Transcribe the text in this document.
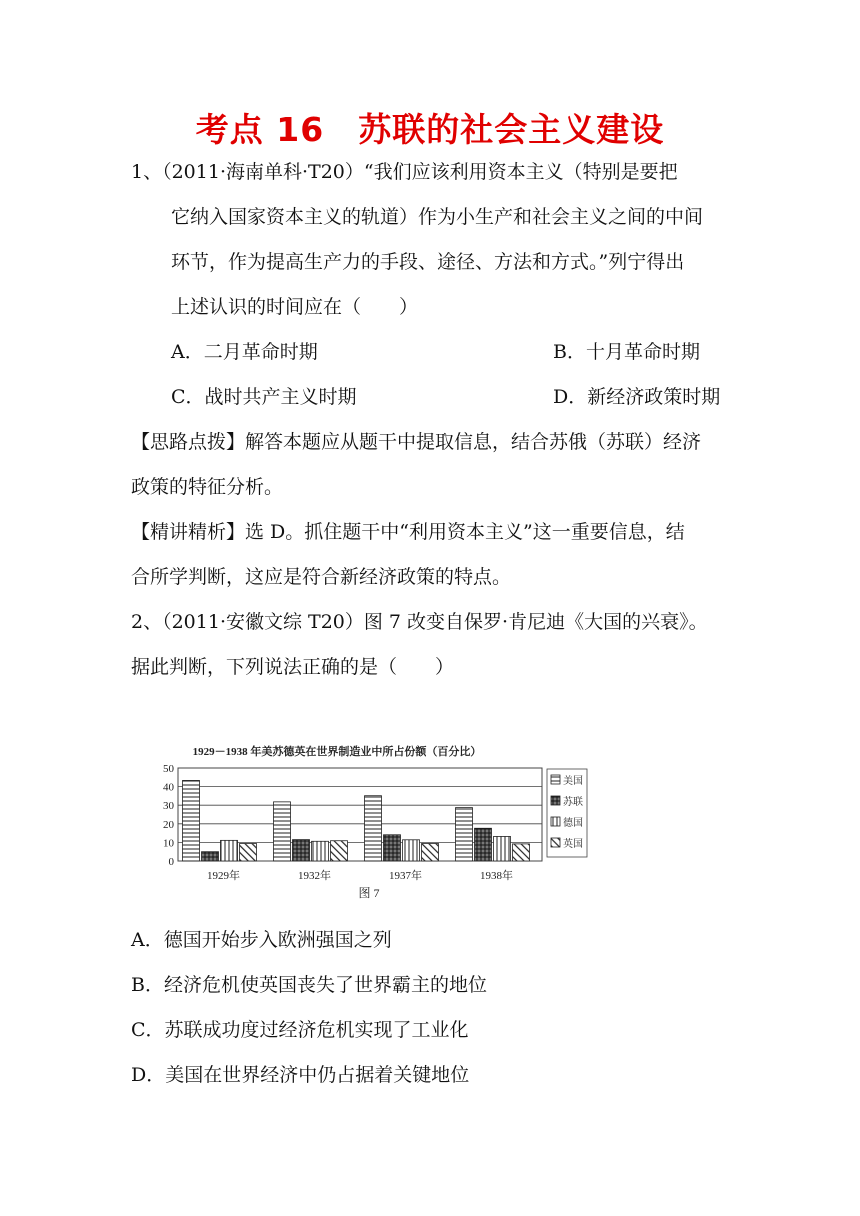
考点 16　苏联的社会主义建设
1、（2011·海南单科·T20）“我们应该利用资本主义（特别是要把
它纳入国家资本主义的轨道）作为小生产和社会主义之间的中间
环节，作为提高生产力的手段、途径、方法和方式。”列宁得出
上述认识的时间应在（　　）
A．二月革命时期	B．十月革命时期
C．战时共产主义时期	D．新经济政策时期
【思路点拨】解答本题应从题干中提取信息，结合苏俄（苏联）经济
政策的特征分析。
【精讲精析】选 D。抓住题干中“利用资本主义”这一重要信息，结
合所学判断，这应是符合新经济政策的特点。
2、（2011·安徽文综 T20）图 7 改变自保罗·肯尼迪《大国的兴衰》。
据此判断，下列说法正确的是（　　）
1929－1938 年美苏德英在世界制造业中所占份额（百分比）
0
10
20
30
40
50
1929年	1932年	1937年	1938年
美国
苏联
德国
英国
图 7
A．德国开始步入欧洲强国之列
B．经济危机使英国丧失了世界霸主的地位
C．苏联成功度过经济危机实现了工业化
D．美国在世界经济中仍占据着关键地位
